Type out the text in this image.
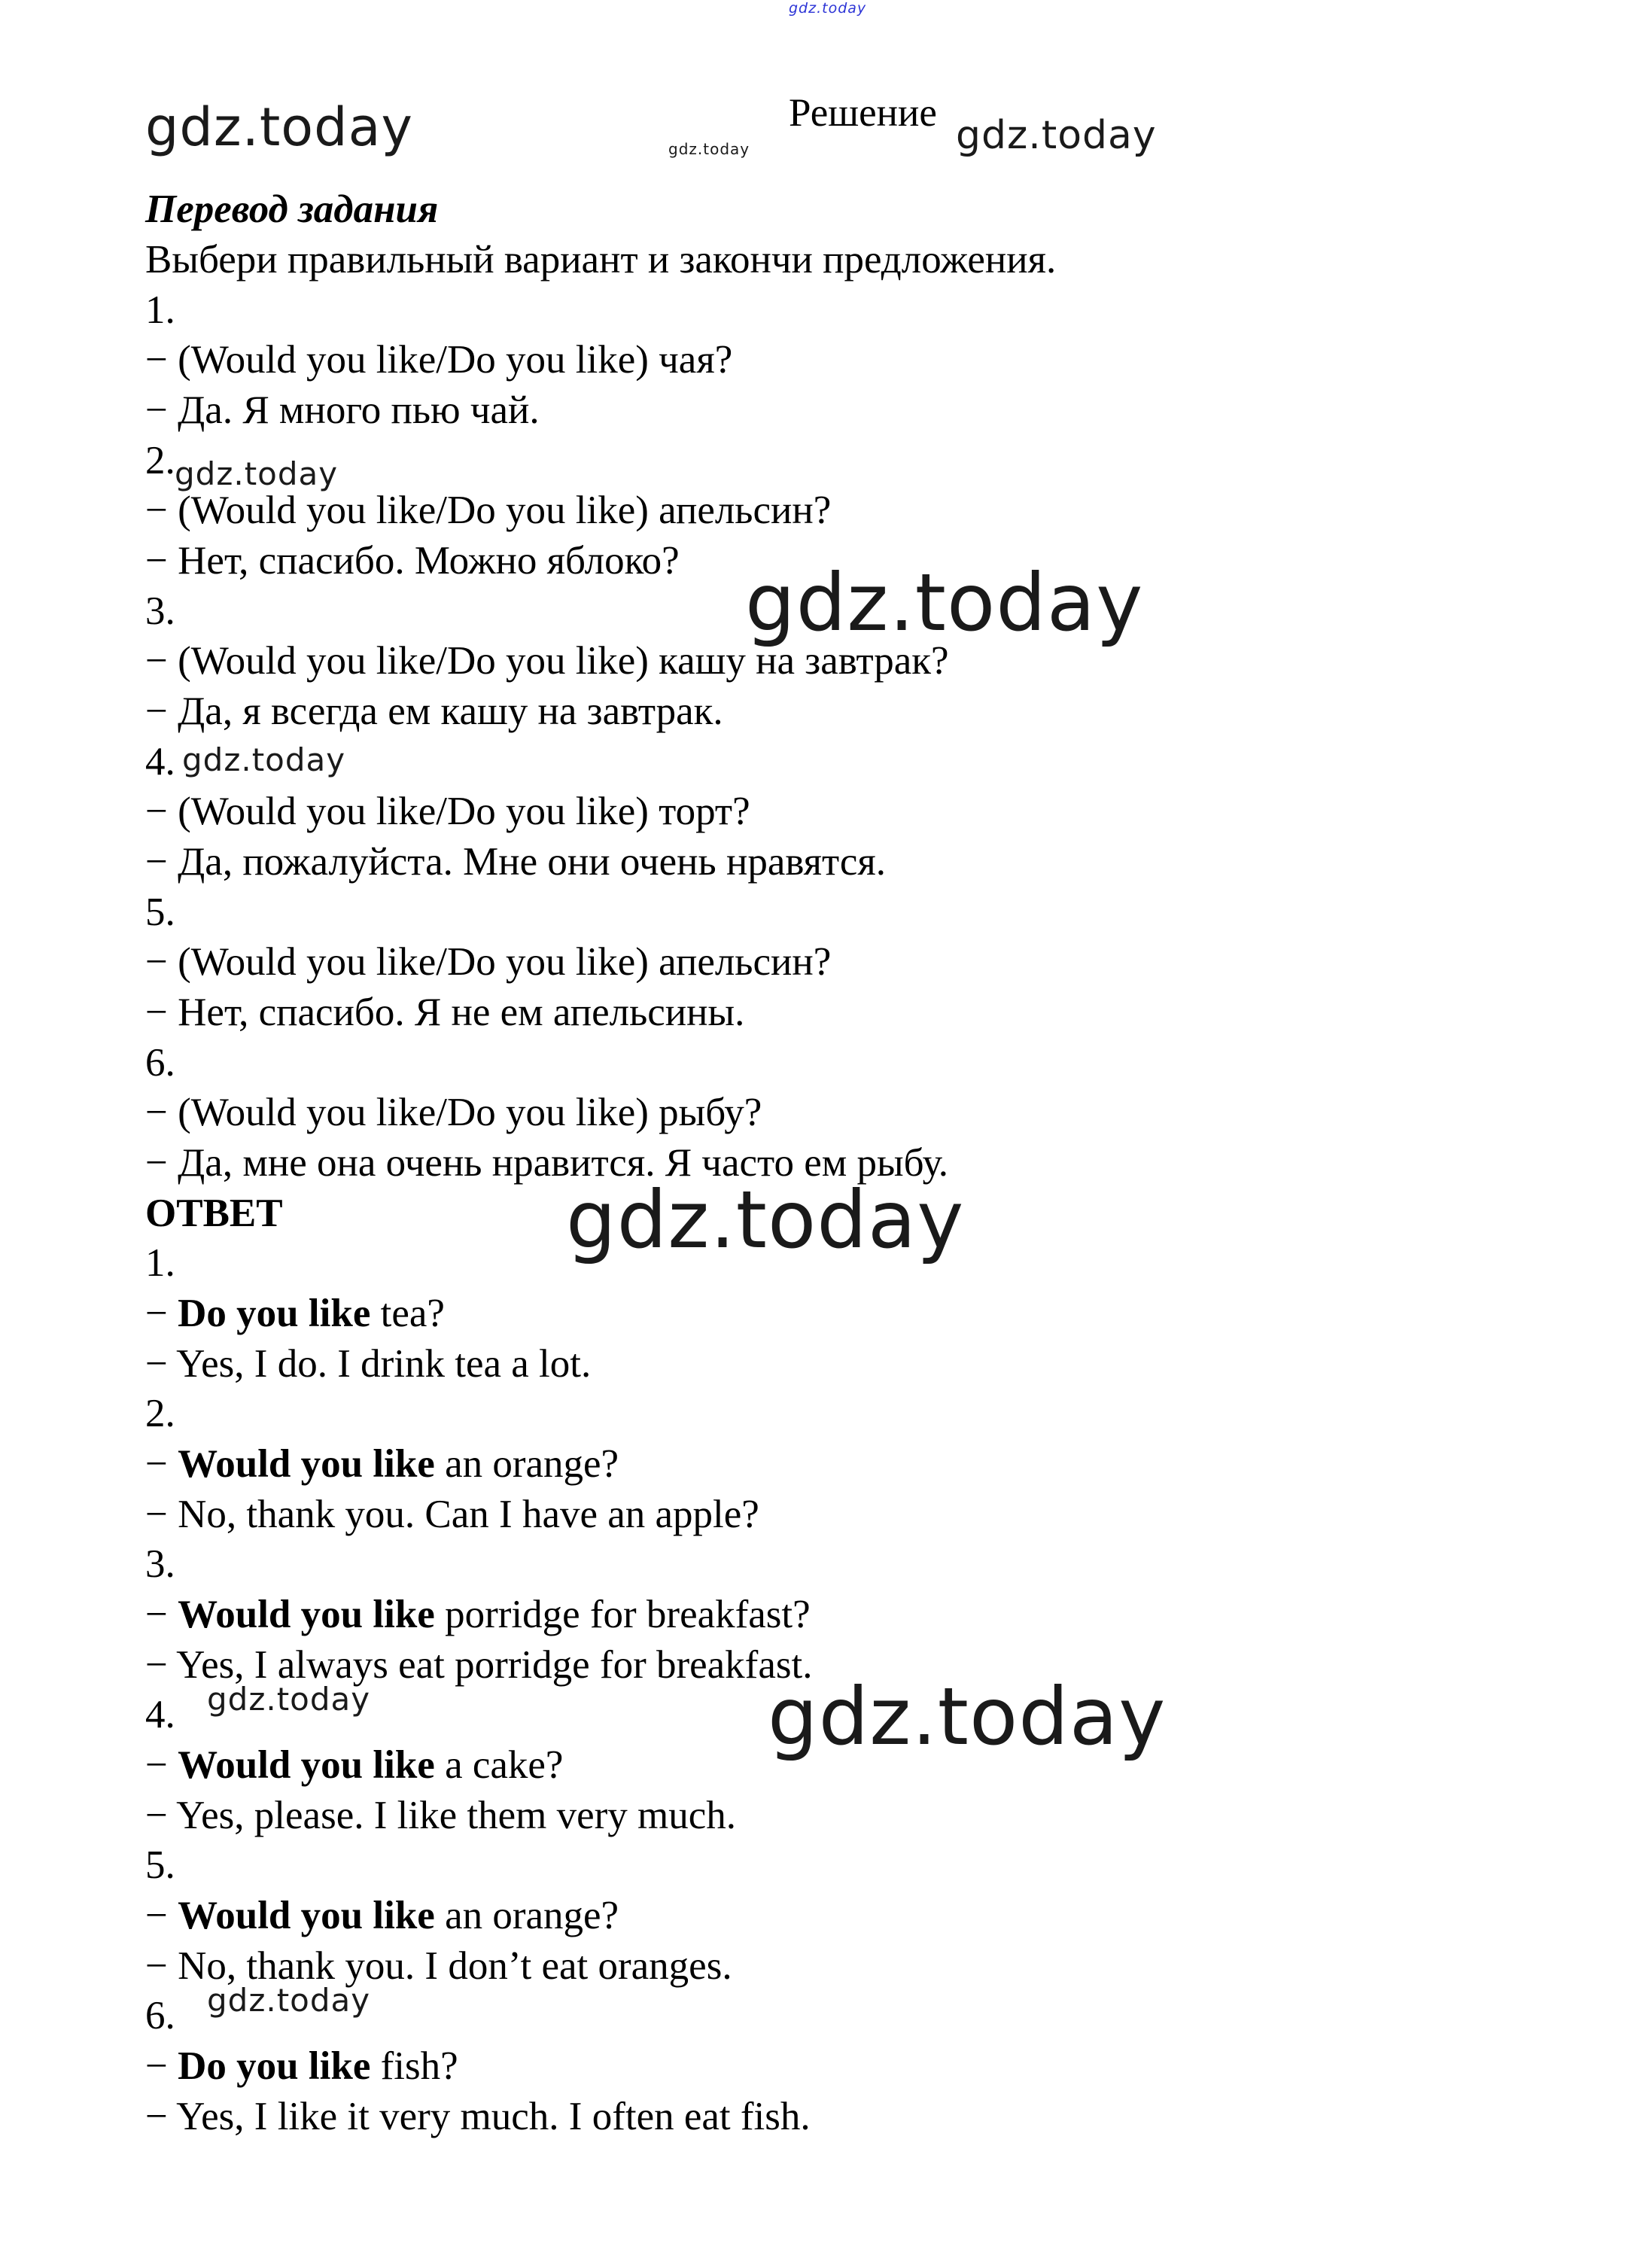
gdz.today
gdz.today	gdz.today	gdz.today
gdz.today
gdz.today
gdz.today
gdz.today
gdz.today	gdz.today
gdz.today
Решение
Перевод задания
Выбери правильный вариант и закончи предложения.
1.
− (Would you like/Do you like) чая?
− Да. Я много пью чай.
2.
− (Would you like/Do you like) апельсин?
− Нет, спасибо. Можно яблоко?
3.
− (Would you like/Do you like) кашу на завтрак?
− Да, я всегда ем кашу на завтрак.
4.
− (Would you like/Do you like) торт?
− Да, пожалуйста. Мне они очень нравятся.
5.
− (Would you like/Do you like) апельсин?
− Нет, спасибо. Я не ем апельсины.
6.
− (Would you like/Do you like) рыбу?
− Да, мне она очень нравится. Я часто ем рыбу.
ОТВЕТ
1.
− Do you like tea?
− Yes, I do. I drink tea a lot.
2.
− Would you like an orange?
− No, thank you. Can I have an apple?
3.
− Would you like porridge for breakfast?
− Yes, I always eat porridge for breakfast.
4.
− Would you like a cake?
− Yes, please. I like them very much.
5.
− Would you like an orange?
− No, thank you. I don’t eat oranges.
6.
− Do you like fish?
− Yes, I like it very much. I often eat fish.
